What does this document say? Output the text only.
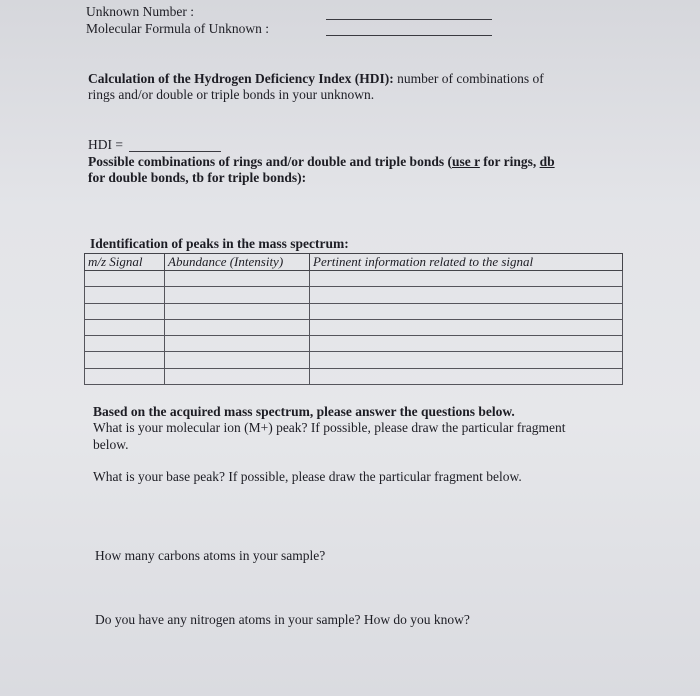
Unknown Number :
Molecular Formula of Unknown :
Calculation of the Hydrogen Deficiency Index (HDI): number of combinations of
rings and/or double or triple bonds in your unknown.
HDI =
Possible combinations of rings and/or double and triple bonds (use r for rings, db
for double bonds, tb for triple bonds):
Identification of peaks in the mass spectrum:
m/z Signal	Abundance (Intensity)	Pertinent information related to the signal

Based on the acquired mass spectrum, please answer the questions below.
What is your molecular ion (M+) peak? If possible, please draw the particular fragment
below.
What is your base peak? If possible, please draw the particular fragment below.
How many carbons atoms in your sample?
Do you have any nitrogen atoms in your sample? How do you know?
